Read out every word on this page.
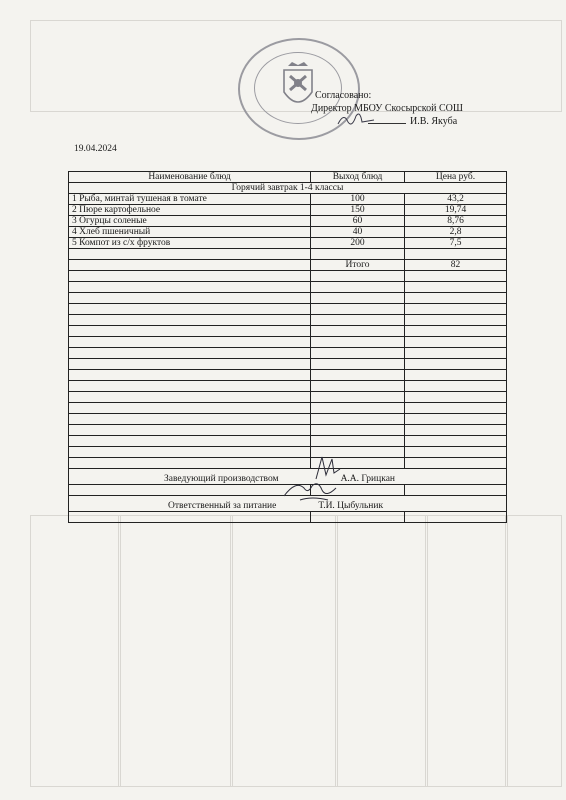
Согласовано:
Директор МБОУ Скосырской СОШ
И.В. Якуба
19.04.2024
Наименование блюд	Выход блюд	Цена руб.
Горячий завтрак 1-4 классы		
1 Рыба, минтай тушеная в томате	100	43,2
2 Пюре картофельное	150	19,74
3 Огурцы соленые	60	8,76
4 Хлеб пшеничный	40	2,8
5 Компот из с/х фруктов	200	7,5

	Итого	82

Заведующий производством А.А. Грицкан		

Ответственный за питание Т.И. Цыбульник		
